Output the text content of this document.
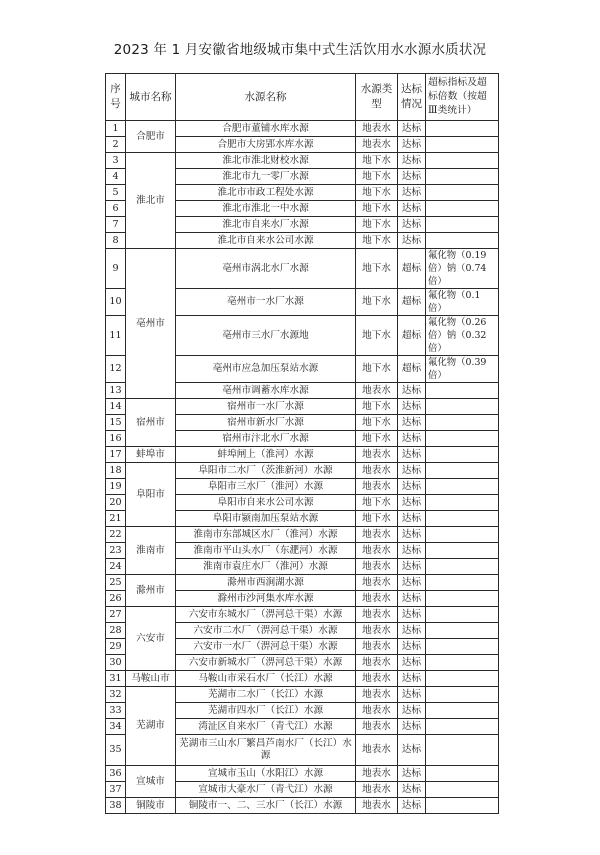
2023 年 1 月安徽省地级城市集中式生活饮用水水源水质状况
序号	城市名称	水源名称	水源类型	达标情况	超标指标及超标倍数（按超Ⅲ类统计）
1	合肥市	合肥市董铺水库水源	地表水	达标	
2		合肥市大房郢水库水源	地表水	达标	
3	淮北市	淮北市淮北财校水源	地下水	达标	
4		淮北市九一零厂水源	地下水	达标	
5		淮北市市政工程处水源	地下水	达标	
6		淮北市淮北一中水源	地下水	达标	
7		淮北市自来水厂水源	地下水	达标	
8		淮北市自来水公司水源	地下水	达标	
9	亳州市	亳州市涡北水厂水源	地下水	超标	氟化物（0.19 倍）钠（0.74 倍）
10		亳州市一水厂水源	地下水	超标	氟化物（0.1 倍）
11		亳州市三水厂水源地	地下水	超标	氟化物（0.26 倍）钠（0.32 倍）
12		亳州市应急加压泵站水源	地下水	超标	氟化物（0.39 倍）
13		亳州市调蓄水库水源	地表水	达标	
14	宿州市	宿州市一水厂水源	地下水	达标	
15		宿州市新水厂水源	地下水	达标	
16		宿州市汴北水厂水源	地下水	达标	
17	蚌埠市	蚌埠闸上（淮河）水源	地表水	达标	
18	阜阳市	阜阳市二水厂（茨淮新河）水源	地表水	达标	
19		阜阳市三水厂（淮河）水源	地表水	达标	
20		阜阳市自来水公司水源	地下水	达标	
21		阜阳市颍南加压泵站水源	地下水	达标	
22	淮南市	淮南市东部城区水厂（淮河）水源	地表水	达标	
23		淮南市平山头水厂（东淝河）水源	地表水	达标	
24		淮南市袁庄水厂（淮河）水源	地表水	达标	
25	滁州市	滁州市西涧湖水源	地表水	达标	
26		滁州市沙河集水库水源	地表水	达标	
27	六安市	六安市东城水厂（淠河总干渠）水源	地表水	达标	
28		六安市二水厂（淠河总干渠）水源	地表水	达标	
29		六安市一水厂（淠河总干渠）水源	地表水	达标	
30		六安市新城水厂（淠河总干渠）水源	地表水	达标	
31	马鞍山市	马鞍山市采石水厂（长江）水源	地表水	达标	
32	芜湖市	芜湖市二水厂（长江）水源	地表水	达标	
33		芜湖市四水厂（长江）水源	地表水	达标	
34		湾沚区自来水厂（青弋江）水源	地表水	达标	
35		芜湖市三山水厂繁昌芦南水厂（长江）水源	地表水	达标	
36	宣城市	宣城市玉山（水阳江）水源	地表水	达标	
37		宣城市大豪水厂（青弋江）水源	地表水	达标	
38	铜陵市	铜陵市一、二、三水厂（长江）水源	地表水	达标	
